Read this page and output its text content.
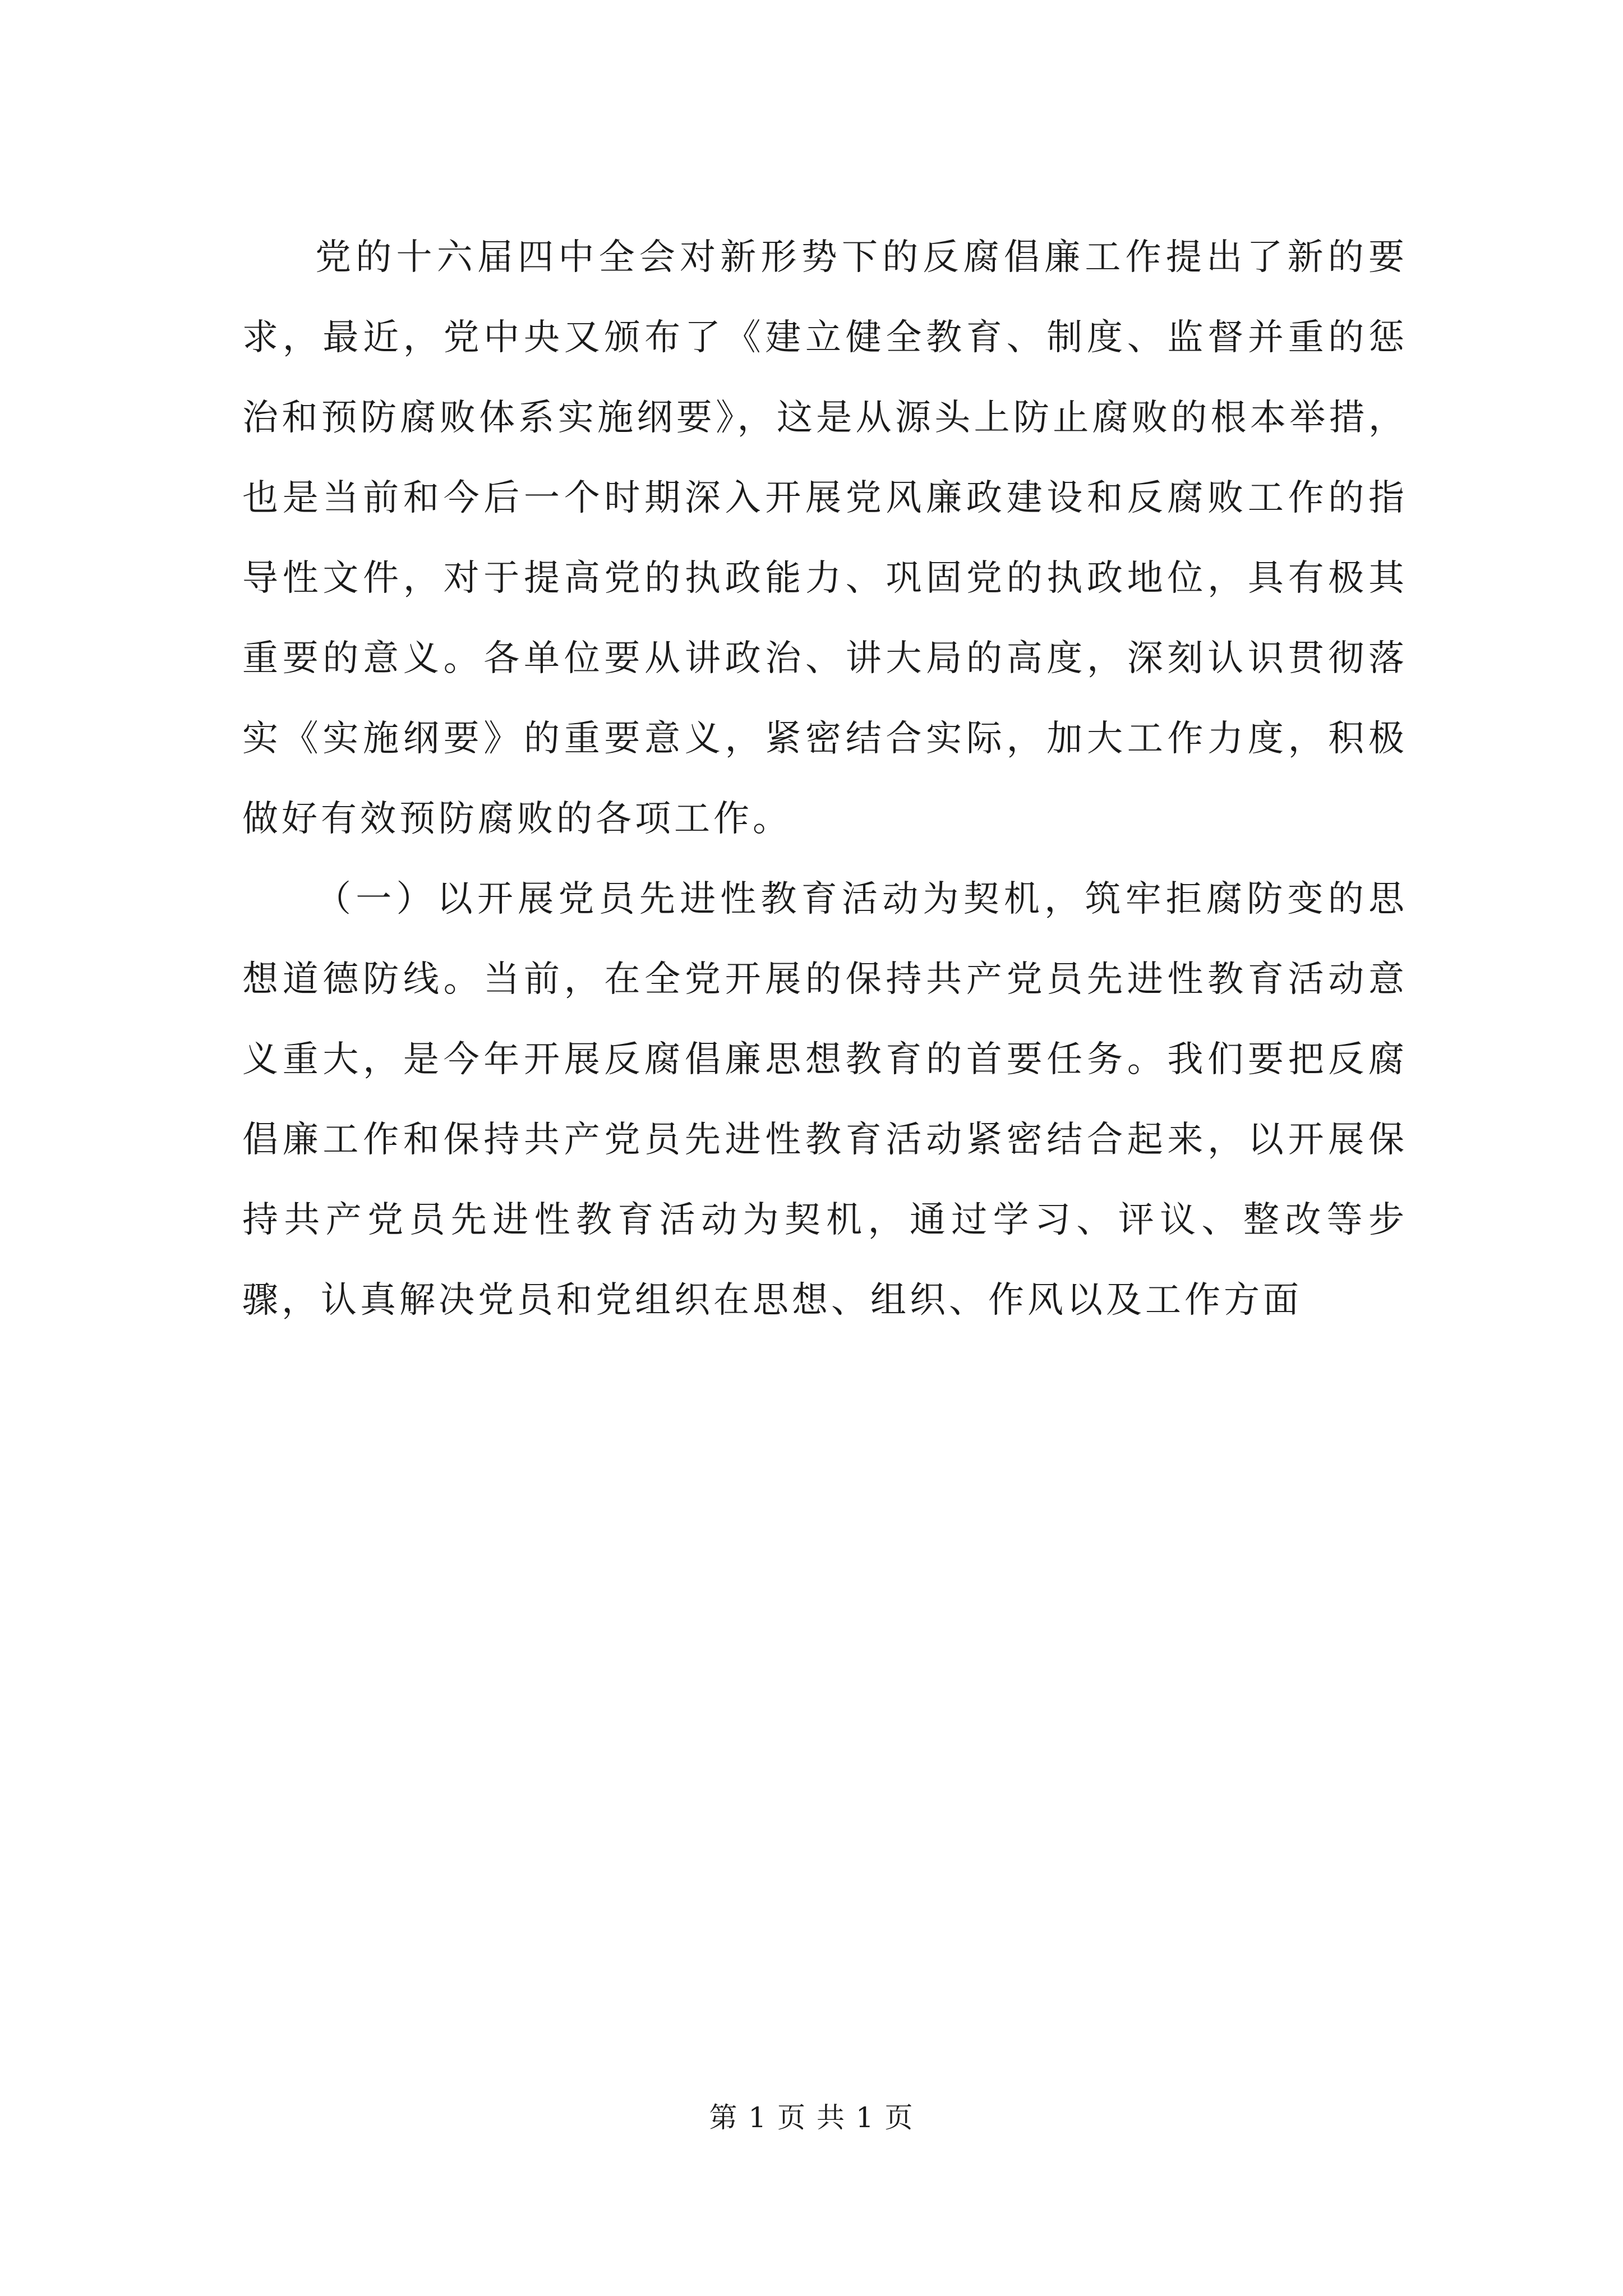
党的十六届四中全会对新形势下的反腐倡廉工作提出了新的要求，最近，党中央又颁布了《建立健全教育、制度、监督并重的惩治和预防腐败体系实施纲要》，这是从源头上防止腐败的根本举措，也是当前和今后一个时期深入开展党风廉政建设和反腐败工作的指导性文件，对于提高党的执政能力、巩固党的执政地位，具有极其重要的意义。各单位要从讲政治、讲大局的高度，深刻认识贯彻落实《实施纲要》的重要意义，紧密结合实际，加大工作力度，积极做好有效预防腐败的各项工作。

（一）以开展党员先进性教育活动为契机，筑牢拒腐防变的思想道德防线。当前，在全党开展的保持共产党员先进性教育活动意义重大，是今年开展反腐倡廉思想教育的首要任务。我们要把反腐倡廉工作和保持共产党员先进性教育活动紧密结合起来，以开展保持共产党员先进性教育活动为契机，通过学习、评议、整改等步骤，认真解决党员和党组织在思想、组织、作风以及工作方面

第 1 页 共 1 页
